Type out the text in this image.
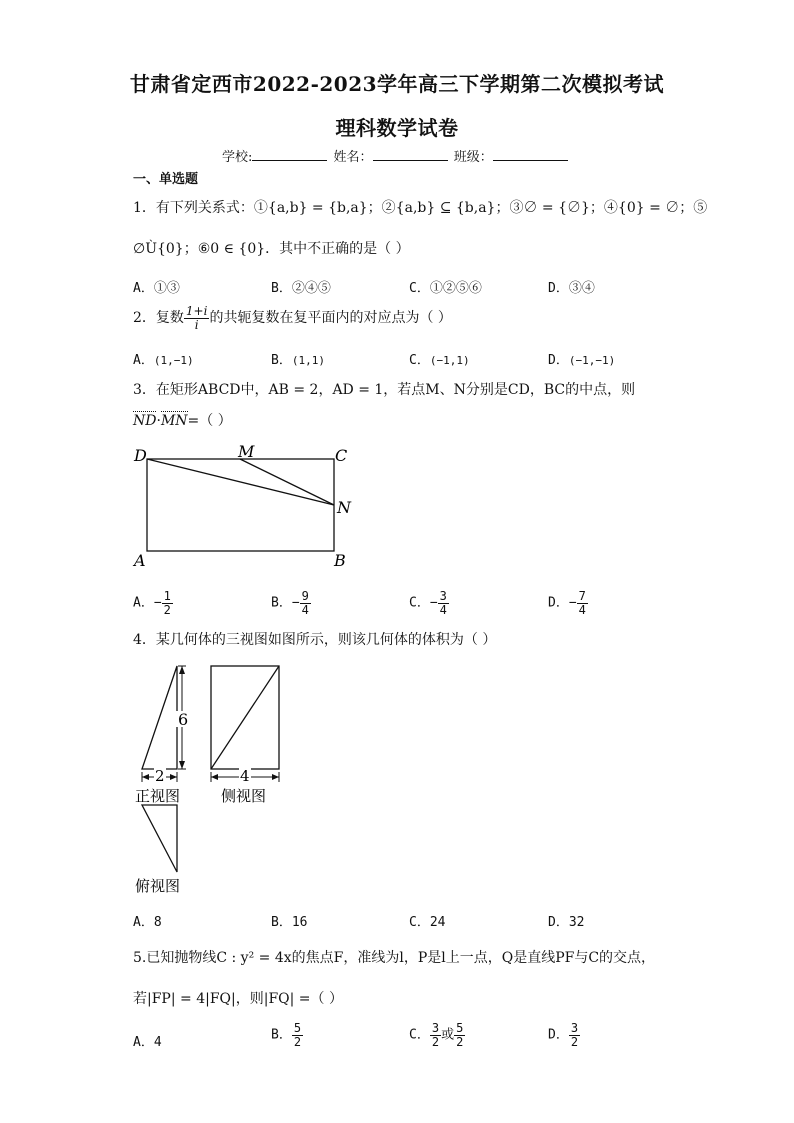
甘肃省定西市2022-2023学年高三下学期第二次模拟考试
理科数学试卷
学校:	姓名：	班级：
一、单选题
1．有下列关系式：①{a,b} = {b,a}；②{a,b} ⊆ {b,a}；③∅ = {∅}；④{0} = ∅；⑤
∅Ù{0}；⑥0 ∈ {0}．其中不正确的是（ ）
A．①③	B．②④⑤	C．①②⑤⑥	D．③④
2．复数 $\frac{1+i}{i}$ 的共轭复数在复平面内的对应点为（ ）
A．(1,−1)	B．(1,1)	C．(−1,1)	D．(−1,−1)
3．在矩形ABCD中，AB = 2，AD = 1，若点M、N分别是CD，BC的中点，则
ND·MN=（ ）
D	M	C
N
A	B
A．− $\frac{1}{2}$	B．− $\frac{9}{4}$	C．− $\frac{3}{4}$	D．− $\frac{7}{4}$
4．某几何体的三视图如图所示，则该几何体的体积为（ ）
6
2
正视图
4
侧视图
俯视图
A．8	B．16	C．24	D．32
5.已知抛物线C : y² = 4x的焦点F，准线为l，P是l上一点，Q是直线PF与C的交点，
若|FP| = 4|FQ|，则|FQ| =（ ）
A．4	B． $\frac{5}{2}$	C． $\frac{3}{2}$ 或 $\frac{5}{2}$	D． $\frac{3}{2}$
